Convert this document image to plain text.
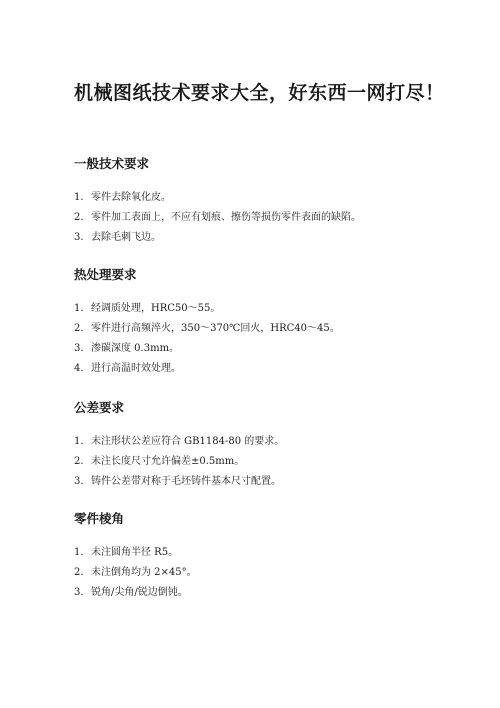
机械图纸技术要求大全，好东西一网打尽！
一般技术要求
1. 零件去除氧化皮。
2. 零件加工表面上，不应有划痕、擦伤等损伤零件表面的缺陷。
3. 去除毛刺飞边。
热处理要求
1. 经调质处理，HRC50～55。
2. 零件进行高频淬火，350～370℃回火，HRC40～45。
3. 渗碳深度 0.3mm。
4. 进行高温时效处理。
公差要求
1. 未注形状公差应符合 GB1184-80 的要求。
2. 未注长度尺寸允许偏差±0.5mm。
3. 铸件公差带对称于毛坯铸件基本尺寸配置。
零件棱角
1. 未注圆角半径 R5。
2. 未注倒角均为 2×45°。
3. 锐角/尖角/锐边倒钝。
